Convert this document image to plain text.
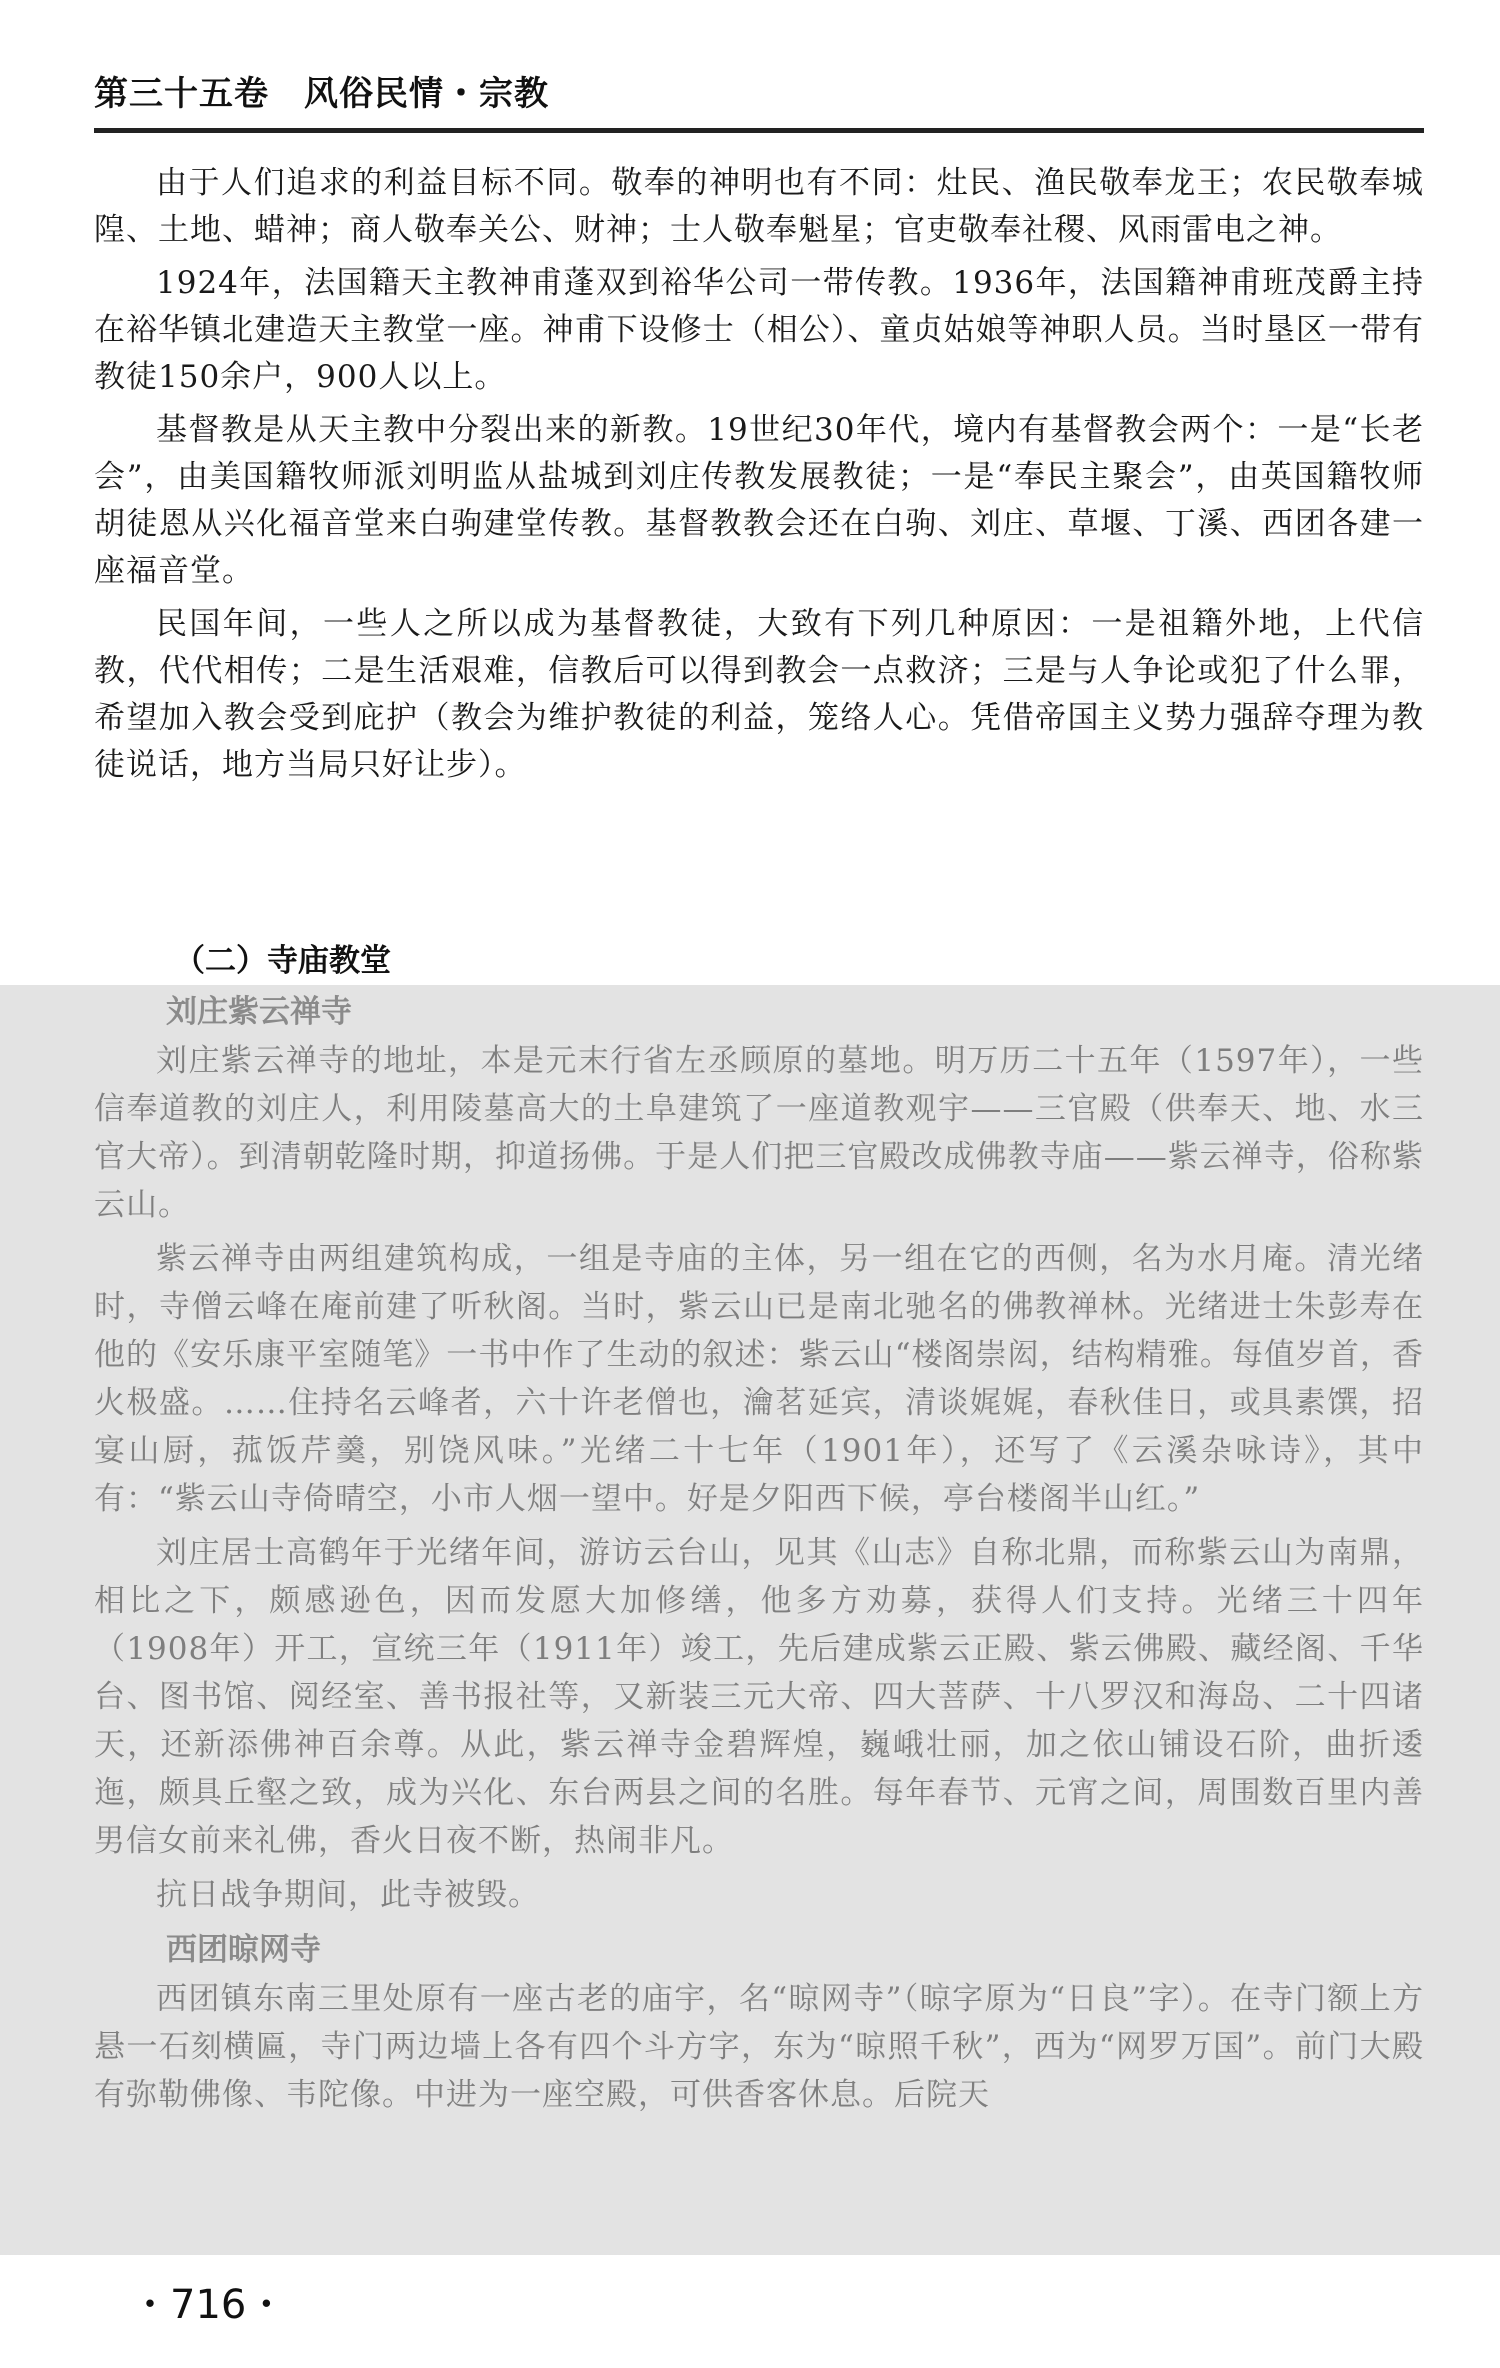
第三十五卷　风俗民情・宗教

由于人们追求的利益目标不同。敬奉的神明也有不同：灶民、渔民敬奉龙王；农民敬奉城隍、土地、蜡神；商人敬奉关公、财神；士人敬奉魁星；官吏敬奉社稷、风雨雷电之神。

1924年，法国籍天主教神甫蓬双到裕华公司一带传教。1936年，法国籍神甫班茂爵主持在裕华镇北建造天主教堂一座。神甫下设修士（相公）、童贞姑娘等神职人员。当时垦区一带有教徒150余户，900人以上。

基督教是从天主教中分裂出来的新教。19世纪30年代，境内有基督教会两个：一是“长老会”，由美国籍牧师派刘明监从盐城到刘庄传教发展教徒；一是“奉民主聚会”，由英国籍牧师胡徒恩从兴化福音堂来白驹建堂传教。基督教教会还在白驹、刘庄、草堰、丁溪、西团各建一座福音堂。

民国年间，一些人之所以成为基督教徒，大致有下列几种原因：一是祖籍外地，上代信教，代代相传；二是生活艰难，信教后可以得到教会一点救济；三是与人争论或犯了什么罪，希望加入教会受到庇护（教会为维护教徒的利益，笼络人心。凭借帝国主义势力强辞夺理为教徒说话，地方当局只好让步）。

（二）寺庙教堂
刘庄紫云禅寺

刘庄紫云禅寺的地址，本是元末行省左丞顾原的墓地。明万历二十五年（1597年），一些信奉道教的刘庄人，利用陵墓高大的土阜建筑了一座道教观宇——三官殿（供奉天、地、水三官大帝）。到清朝乾隆时期，抑道扬佛。于是人们把三官殿改成佛教寺庙——紫云禅寺，俗称紫云山。

紫云禅寺由两组建筑构成，一组是寺庙的主体，另一组在它的西侧，名为水月庵。清光绪时，寺僧云峰在庵前建了听秋阁。当时，紫云山已是南北驰名的佛教禅林。光绪进士朱彭寿在他的《安乐康平室随笔》一书中作了生动的叙述：紫云山“楼阁崇闳，结构精雅。每值岁首，香火极盛。……住持名云峰者，六十许老僧也，瀹茗延宾，清谈娓娓，春秋佳日，或具素馔，招宴山厨，菰饭芹羹，别饶风味。”光绪二十七年（1901年），还写了《云溪杂咏诗》，其中有：“紫云山寺倚晴空，小市人烟一望中。好是夕阳西下候，亭台楼阁半山红。”

刘庄居士高鹤年于光绪年间，游访云台山，见其《山志》自称北鼎，而称紫云山为南鼎，相比之下，颇感逊色，因而发愿大加修缮，他多方劝募，获得人们支持。光绪三十四年（1908年）开工，宣统三年（1911年）竣工，先后建成紫云正殿、紫云佛殿、藏经阁、千华台、图书馆、阅经室、善书报社等，又新装三元大帝、四大菩萨、十八罗汉和海岛、二十四诸天，还新添佛神百余尊。从此，紫云禅寺金碧辉煌，巍峨壮丽，加之依山铺设石阶，曲折逶迤，颇具丘壑之致，成为兴化、东台两县之间的名胜。每年春节、元宵之间，周围数百里内善男信女前来礼佛，香火日夜不断，热闹非凡。

抗日战争期间，此寺被毁。

西团晾网寺

西团镇东南三里处原有一座古老的庙宇，名“晾网寺”（晾字原为“日良”字）。在寺门额上方悬一石刻横匾，寺门两边墙上各有四个斗方字，东为“晾照千秋”，西为“网罗万国”。前门大殿有弥勒佛像、韦陀像。中进为一座空殿，可供香客休息。后院天

・716・
